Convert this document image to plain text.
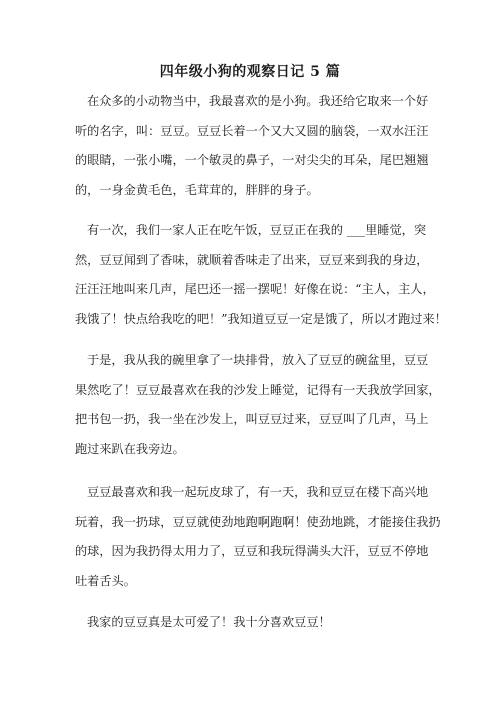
四年级小狗的观察日记 5 篇
在众多的小动物当中，我最喜欢的是小狗。我还给它取来一个好
听的名字，叫：豆豆。豆豆长着一个又大又圆的脑袋，一双水汪汪
的眼睛，一张小嘴，一个敏灵的鼻子，一对尖尖的耳朵，尾巴翘翘
的，一身金黄毛色，毛茸茸的，胖胖的身子。
有一次，我们一家人正在吃午饭，豆豆正在我的 ___里睡觉，突
然，豆豆闻到了香味，就顺着香味走了出来，豆豆来到我的身边，
汪汪汪地叫来几声，尾巴还一摇一摆呢！好像在说：“主人，主人，
我饿了！快点给我吃的吧！”我知道豆豆一定是饿了，所以才跑过来！
于是，我从我的碗里拿了一块排骨，放入了豆豆的碗盆里，豆豆
果然吃了！豆豆最喜欢在我的沙发上睡觉，记得有一天我放学回家，
把书包一扔，我一坐在沙发上，叫豆豆过来，豆豆叫了几声，马上
跑过来趴在我旁边。
豆豆最喜欢和我一起玩皮球了，有一天，我和豆豆在楼下高兴地
玩着，我一扔球，豆豆就使劲地跑啊跑啊！使劲地跳，才能接住我扔
的球，因为我扔得太用力了，豆豆和我玩得满头大汗，豆豆不停地
吐着舌头。
我家的豆豆真是太可爱了！我十分喜欢豆豆！
